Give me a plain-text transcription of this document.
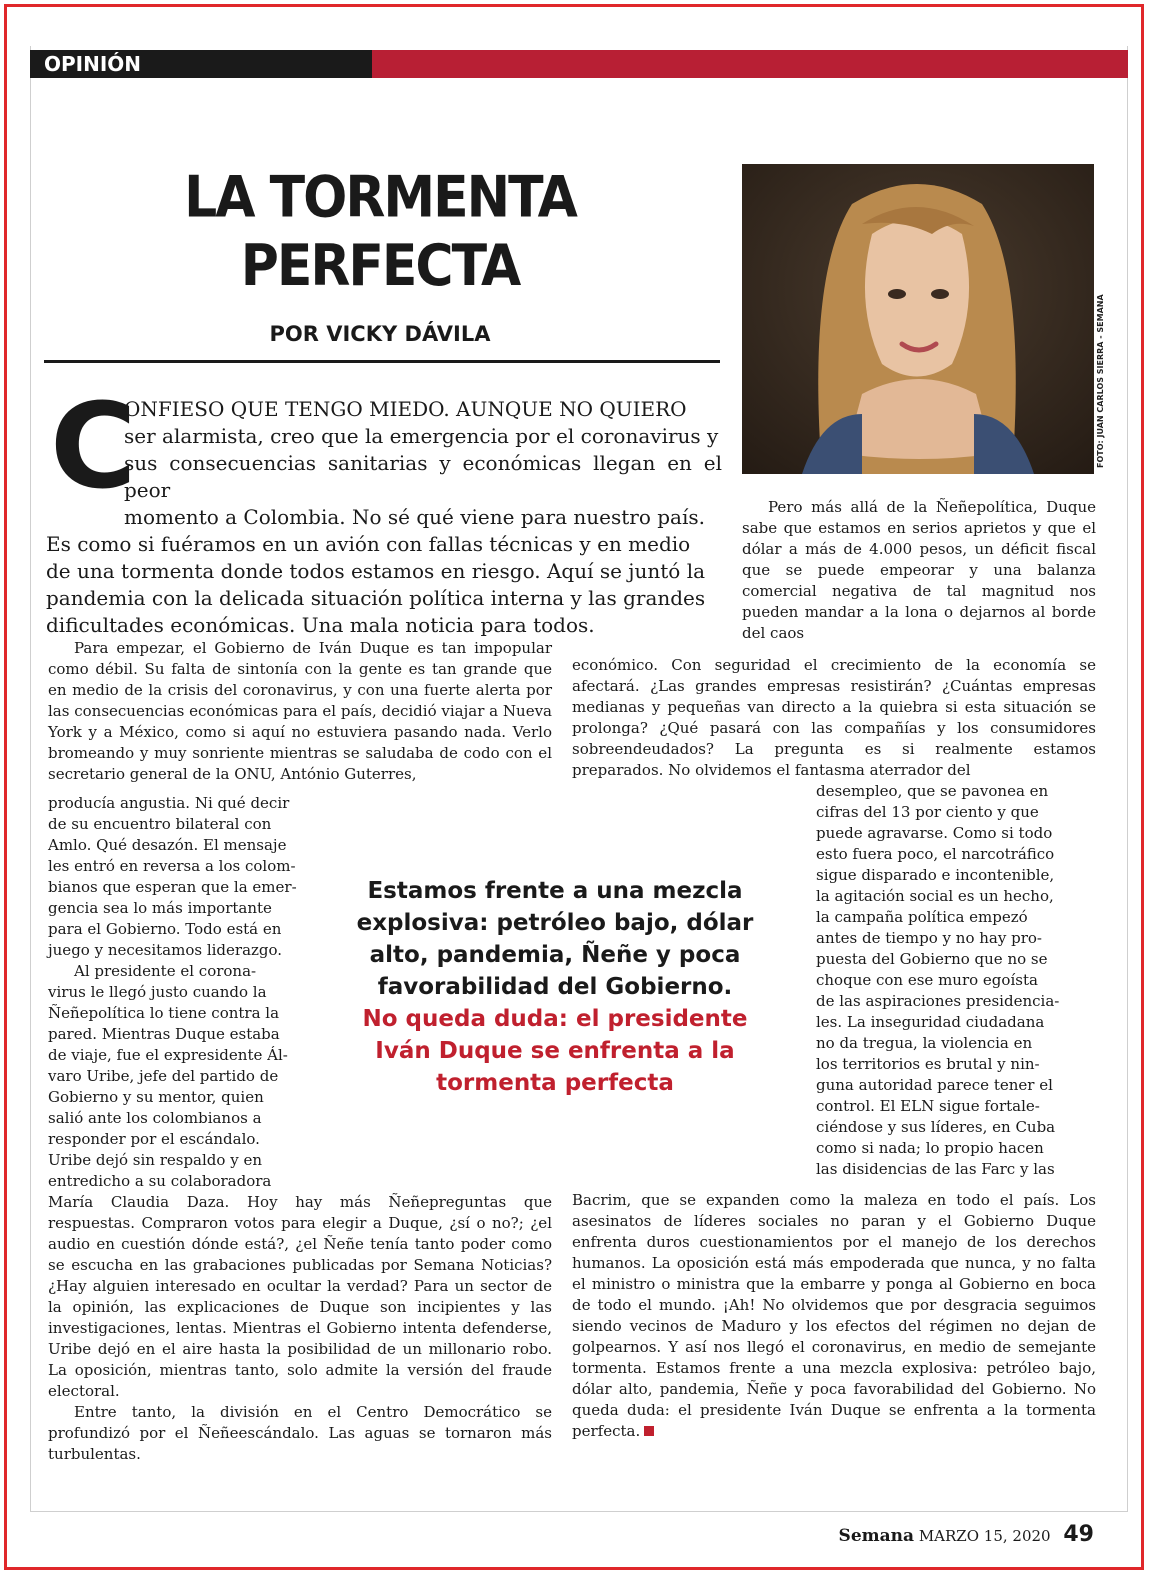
OPINIÓN
LA TORMENTA
PERFECTA
POR VICKY DÁVILA	FOTO: JUAN CARLOS SIERRA - SEMANA
C

ONFIESO QUE TENGO MIEDO. AUNQUE NO QUIERO

ser alarmista, creo que la emergencia por el coronavirus y

sus consecuencias sanitarias y económicas llegan en el peor

momento a Colombia. No sé qué viene para nuestro país.

Es como si fuéramos en un avión con fallas técnicas y en medio

de una tormenta donde todos estamos en riesgo. Aquí se juntó la

pandemia con la delicada situación política interna y las grandes

dificultades económicas. Una mala noticia para todos.

Para empezar, el Gobierno de Iván Duque es tan impopular como débil. Su falta de sintonía con la gente es tan grande que en medio de la crisis del coronavirus, y con una fuerte alerta por las consecuencias económicas para el país, decidió viajar a Nueva York y a México, como si aquí no estuviera pasando nada. Verlo bromeando y muy sonriente mientras se saludaba de codo con el secretario general de la ONU, António Guterres,

producía angustia. Ni qué decir
de su encuentro bilateral con
Amlo. Qué desazón. El mensaje
les entró en reversa a los colom-
bianos que esperan que la emer-
gencia sea lo más importante
para el Gobierno. Todo está en
juego y necesitamos liderazgo.
Al presidente el corona-
virus le llegó justo cuando la
Ñeñepolítica lo tiene contra la
pared. Mientras Duque estaba
de viaje, fue el expresidente Ál-
varo Uribe, jefe del partido de
Gobierno y su mentor, quien
salió ante los colombianos a
responder por el escándalo.
Uribe dejó sin respaldo y en
entredicho a su colaboradora

María Claudia Daza. Hoy hay más Ñeñepreguntas que respuestas. Compraron votos para elegir a Duque, ¿sí o no?; ¿el audio en cuestión dónde está?, ¿el Ñeñe tenía tanto poder como se escucha en las grabaciones publicadas por Semana Noticias? ¿Hay alguien interesado en ocultar la verdad? Para un sector de la opinión, las explicaciones de Duque son incipientes y las investigaciones, lentas. Mientras el Gobierno intenta defenderse, Uribe dejó en el aire hasta la posibilidad de un millonario robo. La oposición, mientras tanto, solo admite la versión del fraude electoral.

Entre tanto, la división en el Centro Democrático se profundizó por el Ñeñeescándalo. Las aguas se tornaron más turbulentas.

Estamos frente a una mezcla explosiva: petróleo bajo, dólar alto, pandemia, Ñeñe y poca favorabilidad del Gobierno.
No queda duda: el presidente Iván Duque se enfrenta a la tormenta perfecta

Pero más allá de la Ñeñepolítica, Duque sabe que estamos en serios aprietos y que el dólar a más de 4.000 pesos, un déficit fiscal que se puede empeorar y una balanza comercial negativa de tal magnitud nos pueden mandar a la lona o dejarnos al borde del caos

económico. Con seguridad el crecimiento de la economía se afectará. ¿Las grandes empresas resistirán? ¿Cuántas empresas medianas y pequeñas van directo a la quiebra si esta situación se prolonga? ¿Qué pasará con las compañías y los consumidores sobreendeudados? La pregunta es si realmente estamos preparados. No olvidemos el fantasma aterrador del

desempleo, que se pavonea en
cifras del 13 por ciento y que
puede agravarse. Como si todo
esto fuera poco, el narcotráfico
sigue disparado e incontenible,
la agitación social es un hecho,
la campaña política empezó
antes de tiempo y no hay pro-
puesta del Gobierno que no se
choque con ese muro egoísta
de las aspiraciones presidencia-
les. La inseguridad ciudadana
no da tregua, la violencia en
los territorios es brutal y nin-
guna autoridad parece tener el
control. El ELN sigue fortale-
ciéndose y sus líderes, en Cuba
como si nada; lo propio hacen
las disidencias de las Farc y las

Bacrim, que se expanden como la maleza en todo el país. Los asesinatos de líderes sociales no paran y el Gobierno Duque enfrenta duros cuestionamientos por el manejo de los derechos humanos. La oposición está más empoderada que nunca, y no falta el ministro o ministra que la embarre y ponga al Gobierno en boca de todo el mundo. ¡Ah! No olvidemos que por desgracia seguimos siendo vecinos de Maduro y los efectos del régimen no dejan de golpearnos. Y así nos llegó el coronavirus, en medio de semejante tormenta. Estamos frente a una mezcla explosiva: petróleo bajo, dólar alto, pandemia, Ñeñe y poca favorabilidad del Gobierno. No queda duda: el presidente Iván Duque se enfrenta a la tormenta perfecta.

Semana MARZO 15, 2020 49
